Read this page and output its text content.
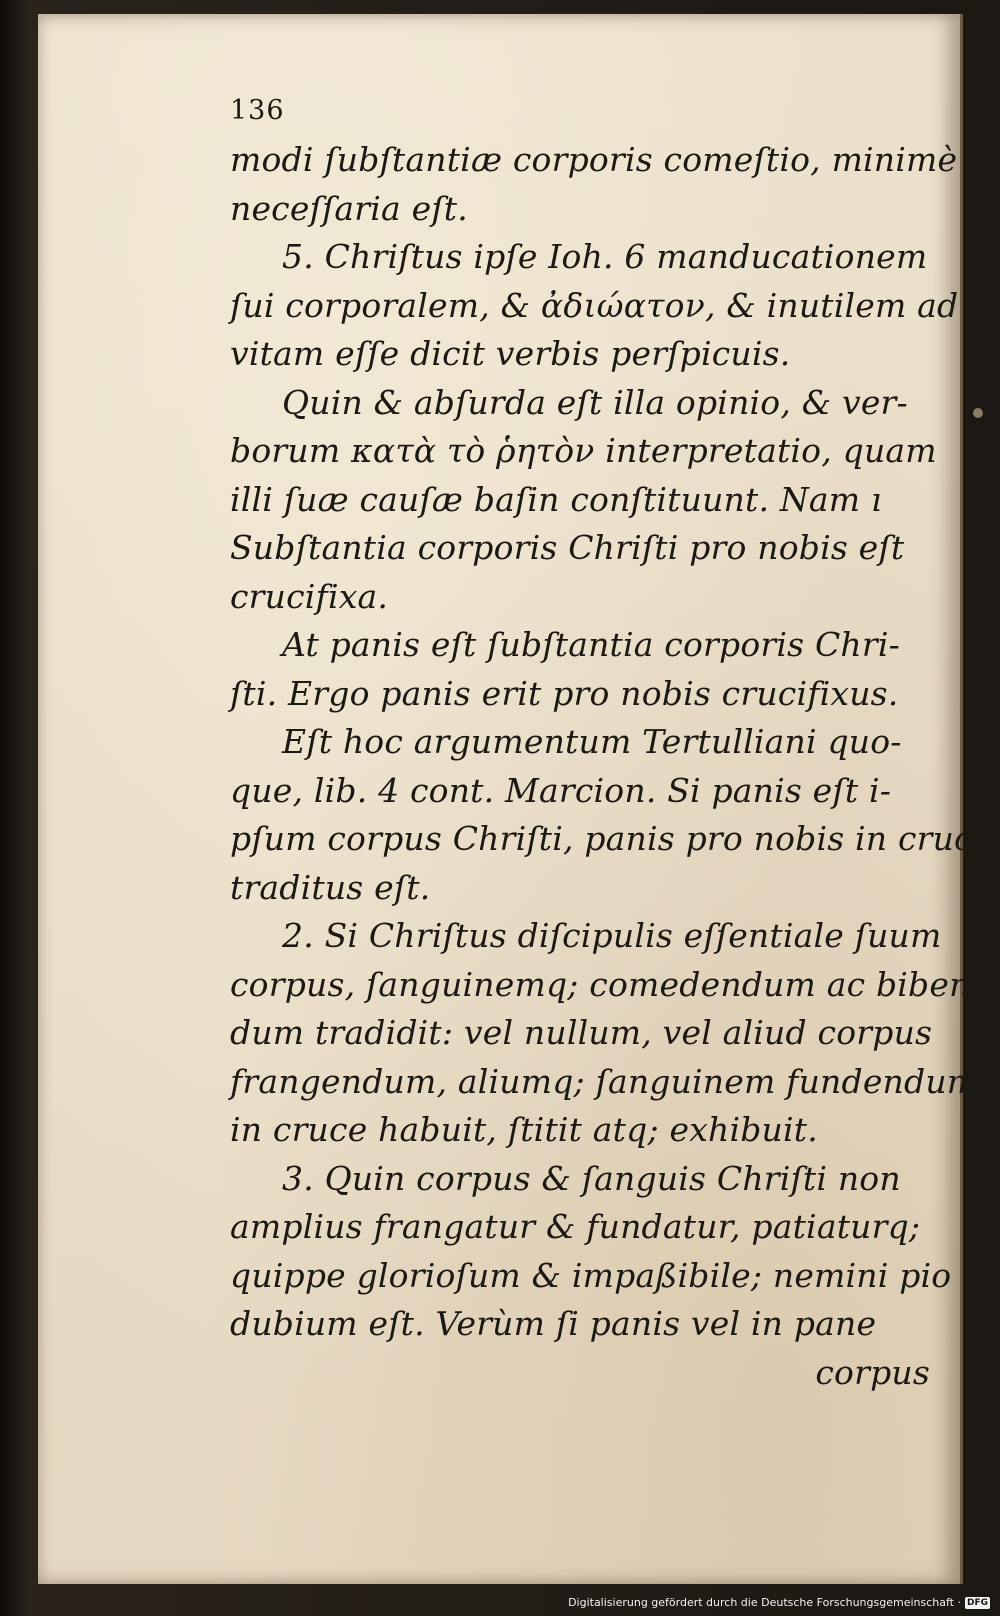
136
modi ſubſtantiæ corporis comeſtio, minimè
neceſſaria eſt.
5. Chriſtus ipſe Ioh. 6 manducationem
ſui corporalem, & ἀδιώατον, & inutilem ad
vitam eſſe dicit verbis perſpicuis.
Quin & abſurda eſt illa opinio, & ver-
borum κατὰ τὸ ῥητὸν interpretatio, quam
illi ſuæ cauſæ baſin conſtituunt. Nam ı
Subſtantia corporis Chriſti pro nobis eſt
crucifixa.
At panis eſt ſubſtantia corporis Chri-
ſti. Ergo panis erit pro nobis crucifixus.
Eſt hoc argumentum Tertulliani quo-
que, lib. 4 cont. Marcion. Si panis eſt i-
pſum corpus Chriſti, panis pro nobis in cruce
traditus eſt.
2. Si Chriſtus diſcipulis eſſentiale ſuum
corpus, ſanguinemq; comedendum ac biben-
dum tradidit: vel nullum, vel aliud corpus
frangendum, aliumq; ſanguinem fundendum
in cruce habuit, ſtitit atq; exhibuit.
3. Quin corpus & ſanguis Chriſti non
amplius frangatur & fundatur, patiaturq;
quippe glorioſum & impaßibile; nemini pio
dubium eſt. Verùm ſi panis vel in pane
corpus
Digitalisierung gefördert durch die Deutsche Forschungsgemeinschaft · DFG
